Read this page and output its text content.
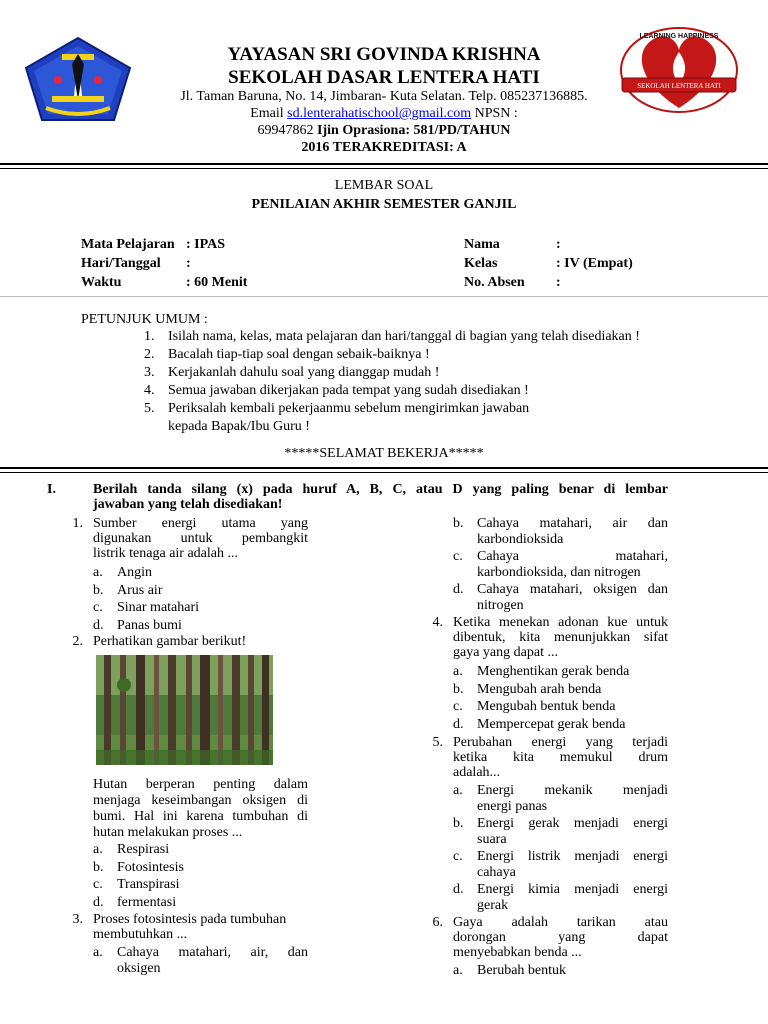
SEKOLAH LENTERA HATI
LEARNING HAPPINESS
YAYASAN SRI GOVINDA KRISHNA
SEKOLAH DASAR LENTERA HATI
Jl. Taman Baruna, No. 14, Jimbaran- Kuta Selatan. Telp. 085237136885.
Email sd.lenterahatischool@gmail.com NPSN :
69947862 Ijin Oprasiona: 581/PD/TAHUN
2016 TERAKREDITASI: A
LEMBAR SOAL
PENILAIAN AKHIR SEMESTER GANJIL
Mata Pelajaran : IPAS
Hari/Tanggal :
Waktu	: 60 Menit
Nama	:
Kelas	: IV (Empat)
No. Absen :
PETUNJUK UMUM :
1. Isilah nama, kelas, mata pelajaran dan hari/tanggal di bagian yang telah disediakan !
2. Bacalah tiap-tiap soal dengan sebaik-baiknya !
3. Kerjakanlah dahulu soal yang dianggap mudah !
4. Semua jawaban dikerjakan pada tempat yang sudah disediakan !
5. Periksalah kembali pekerjaanmu sebelum mengirimkan jawaban
kepada Bapak/Ibu Guru !
*****SELAMAT BEKERJA*****
I.	Berilah tanda silang (x) pada huruf A, B, C, atau D yang paling benar di lembar
jawaban yang telah disediakan!
1. Sumber energi utama yang
digunakan untuk pembangkit
listrik tenaga air adalah ...
a.	Angin
b. Arus air
c.	Sinar matahari
d. Panas bumi
2. Perhatikan gambar berikut!
Hutan berperan penting dalam
menjaga keseimbangan oksigen di
bumi. Hal ini karena tumbuhan di
hutan melakukan proses ...
a.	Respirasi
b. Fotosintesis
c.	Transpirasi
d. fermentasi
3. Proses fotosintesis pada tumbuhan
membutuhkan ...
a.	Cahaya matahari, air, dan
oksigen
b. Cahaya matahari, air dan
karbondioksida
c.	Cahaya matahari,
karbondioksida, dan nitrogen
d. Cahaya matahari, oksigen dan
nitrogen
4. Ketika menekan adonan kue untuk
dibentuk, kita menunjukkan sifat
gaya yang dapat ...
a.	Menghentikan gerak benda
b. Mengubah arah benda
c.	Mengubah bentuk benda
d. Mempercepat gerak benda
5. Perubahan energi yang terjadi
ketika kita memukul drum
adalah...
a.	Energi mekanik menjadi
energi panas
b. Energi gerak menjadi energi
suara
c.	Energi listrik menjadi energi
cahaya
d. Energi kimia menjadi energi
gerak
6. Gaya adalah tarikan atau
dorongan yang dapat
menyebabkan benda ...
a.	Berubah bentuk
